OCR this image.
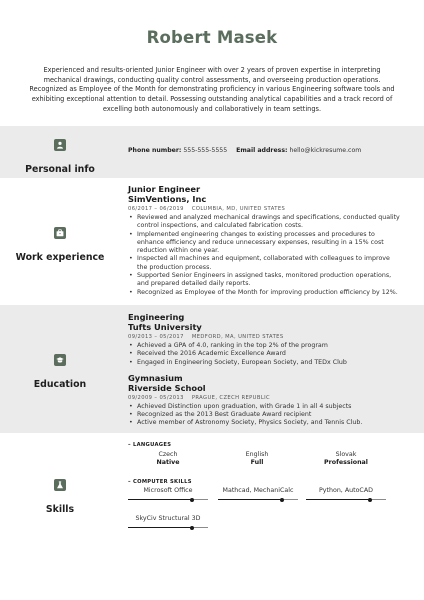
Robert Masek
Experienced and results-oriented Junior Engineer with over 2 years of proven expertise in interpreting mechanical drawings, conducting quality control assessments, and overseeing production operations. Recognized as Employee of the Month for demonstrating proficiency in various Engineering software tools and exhibiting exceptional attention to detail. Possessing outstanding analytical capabilities and a track record of excelling both autonomously and collaboratively in team settings.
Personal info
Phone number: 555-555-5555 Email address: hello@kickresume.com
Work experience
Junior Engineer
SimVentions, Inc
06/2017 – 06/2019 COLUMBIA, MD, UNITED STATES
• Reviewed and analyzed mechanical drawings and specifications, conducted quality control inspections, and calculated fabrication costs.
• Implemented engineering changes to existing processes and procedures to enhance efficiency and reduce unnecessary expenses, resulting in a 15% cost reduction within one year.
• Inspected all machines and equipment, collaborated with colleagues to improve the production process.
• Supported Senior Engineers in assigned tasks, monitored production operations, and prepared detailed daily reports.
• Recognized as Employee of the Month for improving production efficiency by 12%.
Education
Engineering
Tufts University
09/2013 – 05/2017 MEDFORD, MA, UNITED STATES
• Achieved a GPA of 4.0, ranking in the top 2% of the program
• Received the 2016 Academic Excellence Award
• Engaged in Engineering Society, European Society, and TEDx Club
Gymnasium
Riverside School
09/2009 – 05/2013 PRAGUE, CZECH REPUBLIC
• Achieved Distinction upon graduation, with Grade 1 in all 4 subjects
• Recognized as the 2013 Best Graduate Award recipient
• Active member of Astronomy Society, Physics Society, and Tennis Club.
Skills
– LANGUAGES
Czech
Native
English
Full
Slovak
Professional
– COMPUTER SKILLS
Microsoft Office	Mathcad, MechaniCalc	Python, AutoCAD
SkyCiv Structural 3D
